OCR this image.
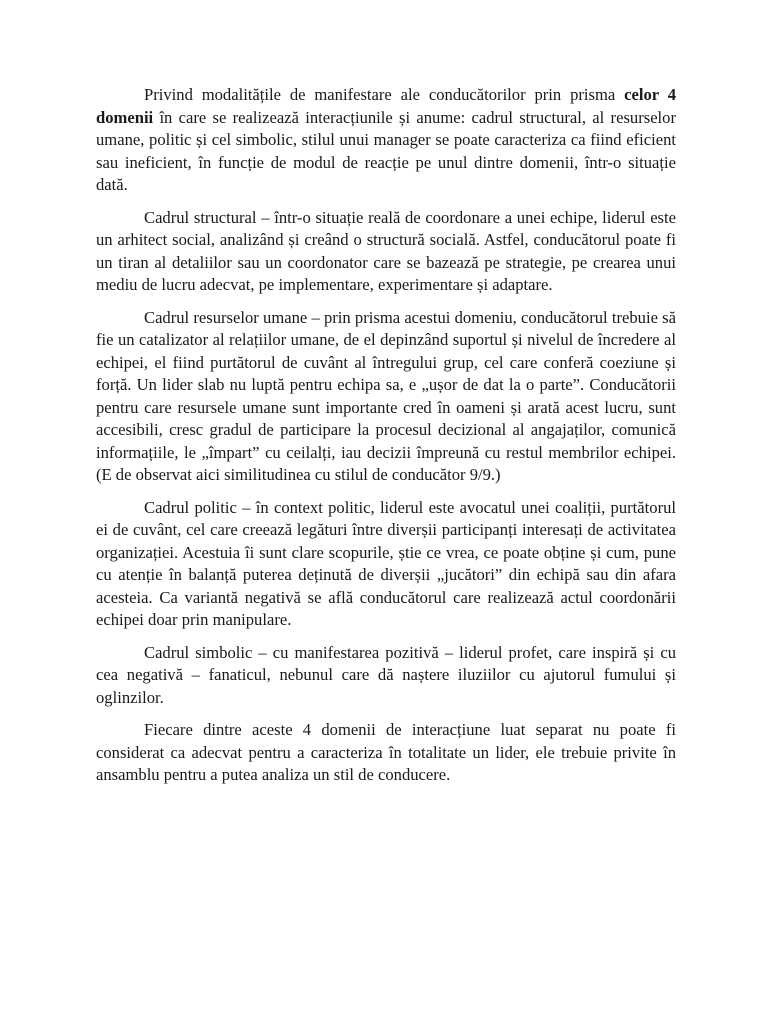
Privind modalitățile de manifestare ale conducătorilor prin prisma celor 4 domenii în care se realizează interacțiunile și anume: cadrul structural, al resurselor umane, politic și cel simbolic, stilul unui manager se poate caracteriza ca fiind eficient sau ineficient, în funcție de modul de reacție pe unul dintre domenii, într-o situație dată.

Cadrul structural – într-o situație reală de coordonare a unei echipe, liderul este un arhitect social, analizând și creând o structură socială. Astfel, conducătorul poate fi un tiran al detaliilor sau un coordonator care se bazează pe strategie, pe crearea unui mediu de lucru adecvat, pe implementare, experimentare și adaptare.

Cadrul resurselor umane – prin prisma acestui domeniu, conducătorul trebuie să fie un catalizator al relațiilor umane, de el depinzând suportul și nivelul de încredere al echipei, el fiind purtătorul de cuvânt al întregului grup, cel care conferă coeziune și forță. Un lider slab nu luptă pentru echipa sa, e „ușor de dat la o parte”. Conducătorii pentru care resursele umane sunt importante cred în oameni și arată acest lucru, sunt accesibili, cresc gradul de participare la procesul decizional al angajaților, comunică informațiile, le „împart” cu ceilalți, iau decizii împreună cu restul membrilor echipei. (E de observat aici similitudinea cu stilul de conducător 9/9.)

Cadrul politic – în context politic, liderul este avocatul unei coaliții, purtătorul ei de cuvânt, cel care creează legături între diverșii participanți interesați de activitatea organizației. Acestuia îi sunt clare scopurile, știe ce vrea, ce poate obține și cum, pune cu atenție în balanță puterea deținută de diverșii „jucători” din echipă sau din afara acesteia. Ca variantă negativă se află conducătorul care realizează actul coordonării echipei doar prin manipulare.

Cadrul simbolic – cu manifestarea pozitivă – liderul profet, care inspiră și cu cea negativă – fanaticul, nebunul care dă naștere iluziilor cu ajutorul fumului și oglinzilor.

Fiecare dintre aceste 4 domenii de interacțiune luat separat nu poate fi considerat ca adecvat pentru a caracteriza în totalitate un lider, ele trebuie privite în ansamblu pentru a putea analiza un stil de conducere.
